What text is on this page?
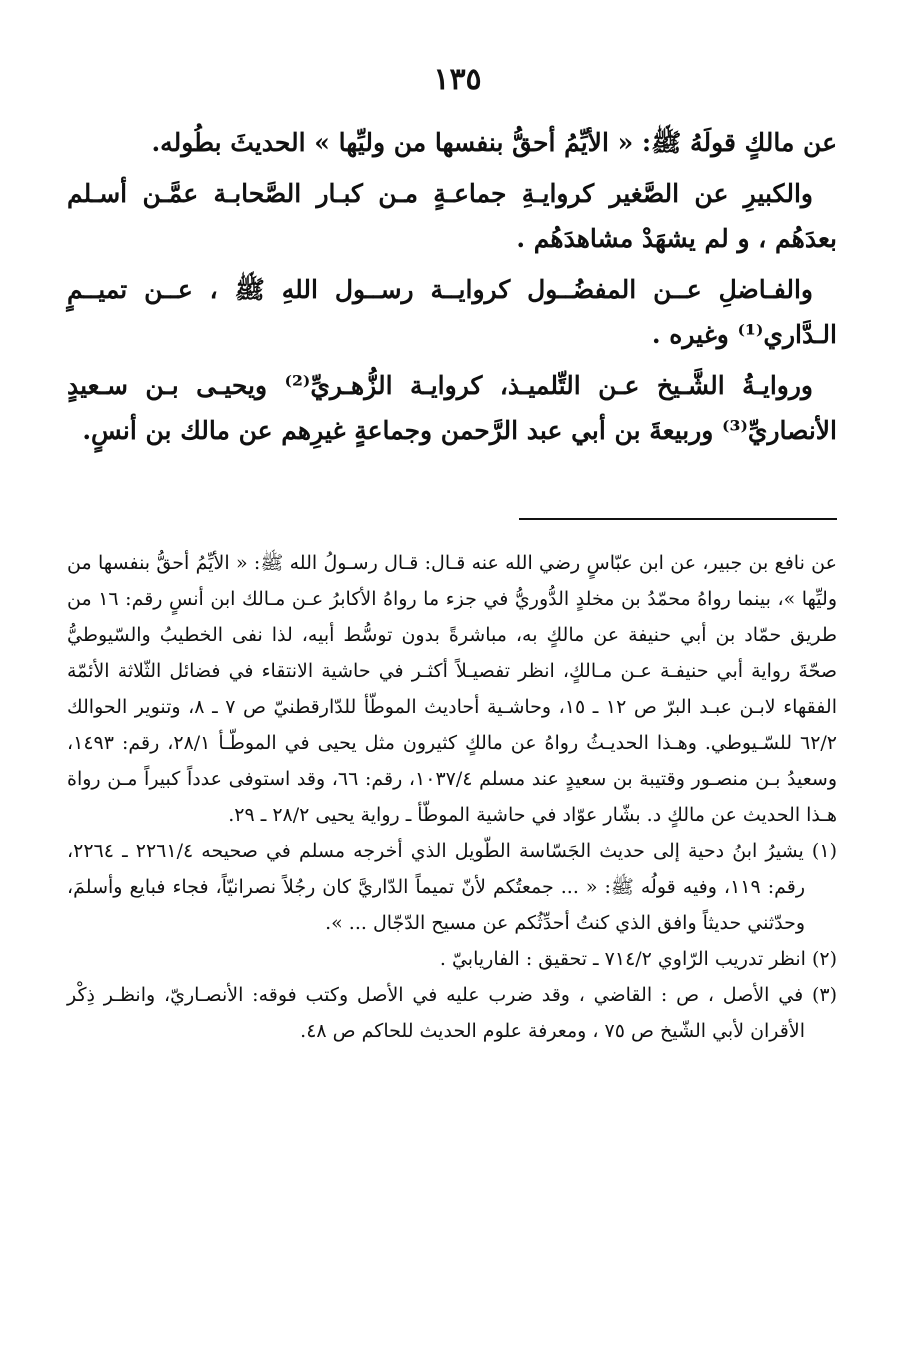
١٣٥

عن مالكٍ قولَهُ ﷺ: « الأيِّمُ أحقُّ بنفسها من وليِّها » الحديثَ بطُوله.

والكبيرِ عن الصَّغير كروايـةِ جماعـةٍ مـن كبـار الصَّحابـة عمَّـن أسـلم بعدَهُم ، و لم يشهَدْ مشاهدَهُم .

والفـاضلِ عــن المفضُــول كروايــة رســول اللهِ ﷺ ، عــن تميــمٍ الـدَّاري⁽¹⁾ وغيره .

وروايـةُ الشَّـيخ عـن التِّلميـذ، كروايـة الزُّهـريِّ⁽²⁾ ويحيـى بـن سـعيدٍ الأنصاريِّ⁽³⁾ وربيعةَ بن أبي عبد الرَّحمن وجماعةٍ غيرِهم عن مالك بن أنسٍ.

عن نافع بن جبير، عن ابن عبّاسٍ رضي الله عنه قـال: قـال رسـولُ الله ﷺ: « الأيِّمُ أحقُّ بنفسها من وليِّها »، بينما رواهُ محمّدُ بن مخلدٍ الدُّوريُّ في جزء ما رواهُ الأكابرُ عـن مـالك ابن أنسٍ رقم: ١٦ من طريق حمّاد بن أبي حنيفة عن مالكٍ به، مباشرةً بدون توسُّط أبيه، لذا نفى الخطيبُ والسّيوطيُّ صحّةَ رواية أبي حنيفـة عـن مـالكٍ، انظر تفصيـلاً أكثـر في حاشية الانتقاء في فضائل الثّلاثة الأئمّة الفقهاء لابـن عبـد البرّ ص ١٢ ـ ١٥، وحاشـية أحاديث الموطّأ للدّارقطنيّ ص ٧ ـ ٨، وتنوير الحوالك ٦٢/٢ للسّـيوطي. وهـذا الحديـثُ رواهُ عن مالكٍ كثيرون مثل يحيى في الموطّـأ ٢٨/١، رقم: ١٤٩٣، وسعيدُ بـن منصـور وقتيبة بن سعيدٍ عند مسلم ١٠٣٧/٤، رقم: ٦٦، وقد استوفى عدداً كبيراً مـن رواة هـذا الحديث عن مالكٍ د. بشّار عوّاد في حاشية الموطّأ ـ رواية يحيى ٢٨/٢ ـ ٢٩.

(١) يشيرُ ابنُ دحية إلى حديث الجَسّاسة الطّويل الذي أخرجه مسلم في صحيحه ٢٢٦١/٤ ـ ٢٢٦٤، رقم: ١١٩، وفيه قولُه ﷺ: « ... جمعتُكم لأنّ تميماً الدّاريَّ كان رجُلاً نصرانيّاً، فجاء فبايع وأسلمَ، وحدّثني حديثاً وافق الذي كنتُ أحدِّثُكم عن مسيح الدّجّال ... ».

(٢) انظر تدريب الرّاوي ٧١٤/٢ ـ تحقيق : الفاريابيّ .

(٣) في الأصل ، ص : القاضي ، وقد ضرب عليه في الأصل وكتب فوقه: الأنصـاريّ، وانظـر ذِكْر الأقران لأبي الشّيخ ص ٧٥ ، ومعرفة علوم الحديث للحاكم ص ٤٨.
